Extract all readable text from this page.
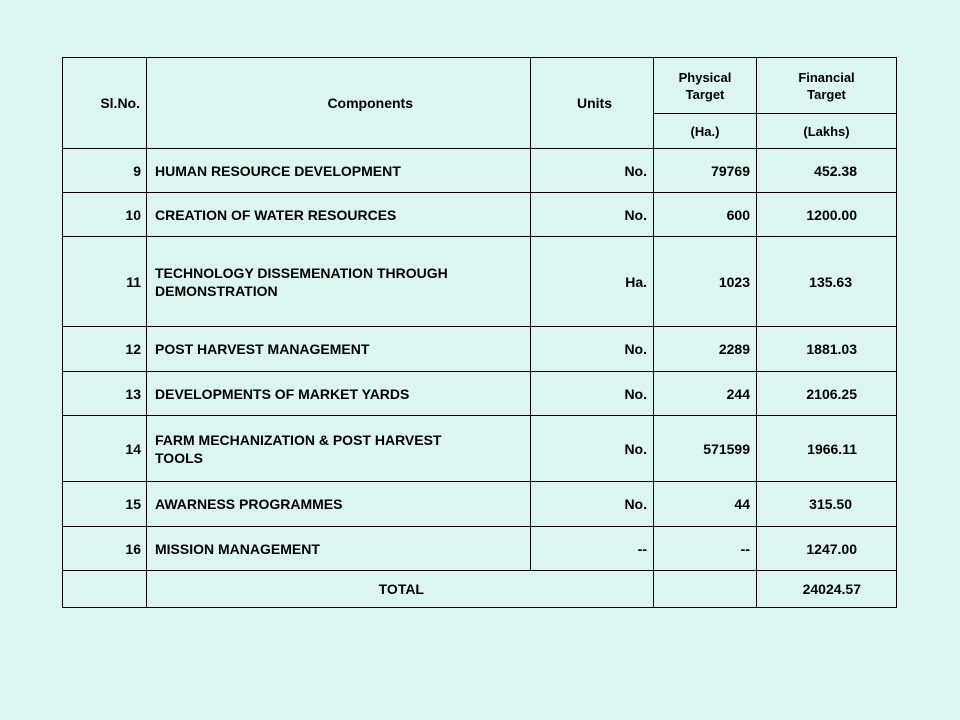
Sl.No.	Components	Units	Physical Target	Financial Target
			(Ha.)	(Lakhs)
9	HUMAN RESOURCE DEVELOPMENT	No.	79769	452.38
10	CREATION OF WATER RESOURCES	No.	600	1200.00
11	TECHNOLOGY DISSEMENATION THROUGH DEMONSTRATION	Ha.	1023	135.63
12	POST HARVEST MANAGEMENT	No.	2289	1881.03
13	DEVELOPMENTS OF MARKET YARDS	No.	244	2106.25
14	FARM MECHANIZATION & POST HARVEST TOOLS	No.	571599	1966.11
15	AWARNESS PROGRAMMES	No.	44	315.50
16	MISSION MANAGEMENT	--	--	1247.00
	TOTAL			24024.57
